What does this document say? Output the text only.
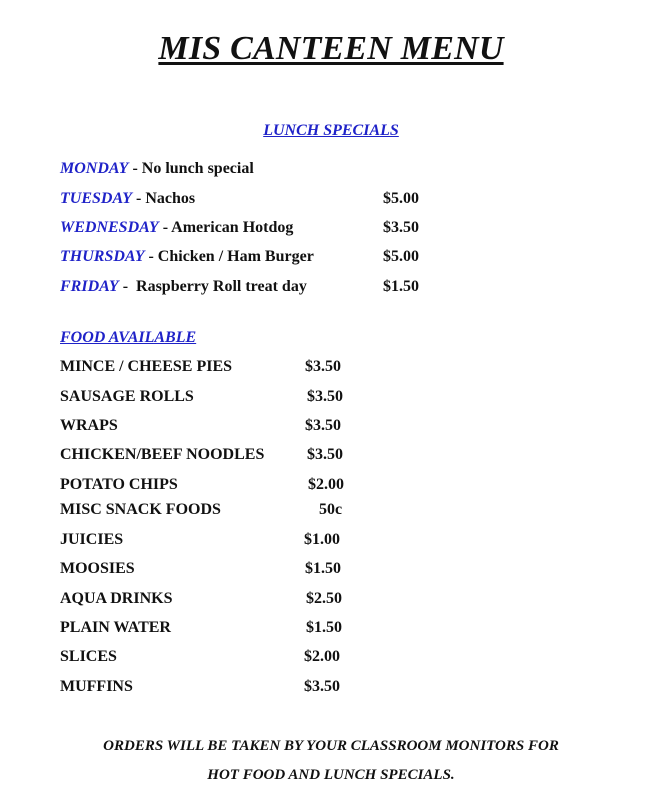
MIS CANTEEN MENU
LUNCH SPECIALS
MONDAY - No lunch special
TUESDAY - Nachos	$5.00
WEDNESDAY - American Hotdog	$3.50
THURSDAY - Chicken / Ham Burger	$5.00
FRIDAY -  Raspberry Roll treat day	$1.50
FOOD AVAILABLE
MINCE / CHEESE PIES	$3.50
SAUSAGE ROLLS	$3.50
WRAPS	$3.50
CHICKEN/BEEF NOODLES	$3.50
POTATO CHIPS	$2.00
MISC SNACK FOODS	50c
JUICIES	$1.00
MOOSIES	$1.50
AQUA DRINKS	$2.50
PLAIN WATER	$1.50
SLICES	$2.00
MUFFINS	$3.50
ORDERS WILL BE TAKEN BY YOUR CLASSROOM MONITORS FOR
HOT FOOD AND LUNCH SPECIALS.
